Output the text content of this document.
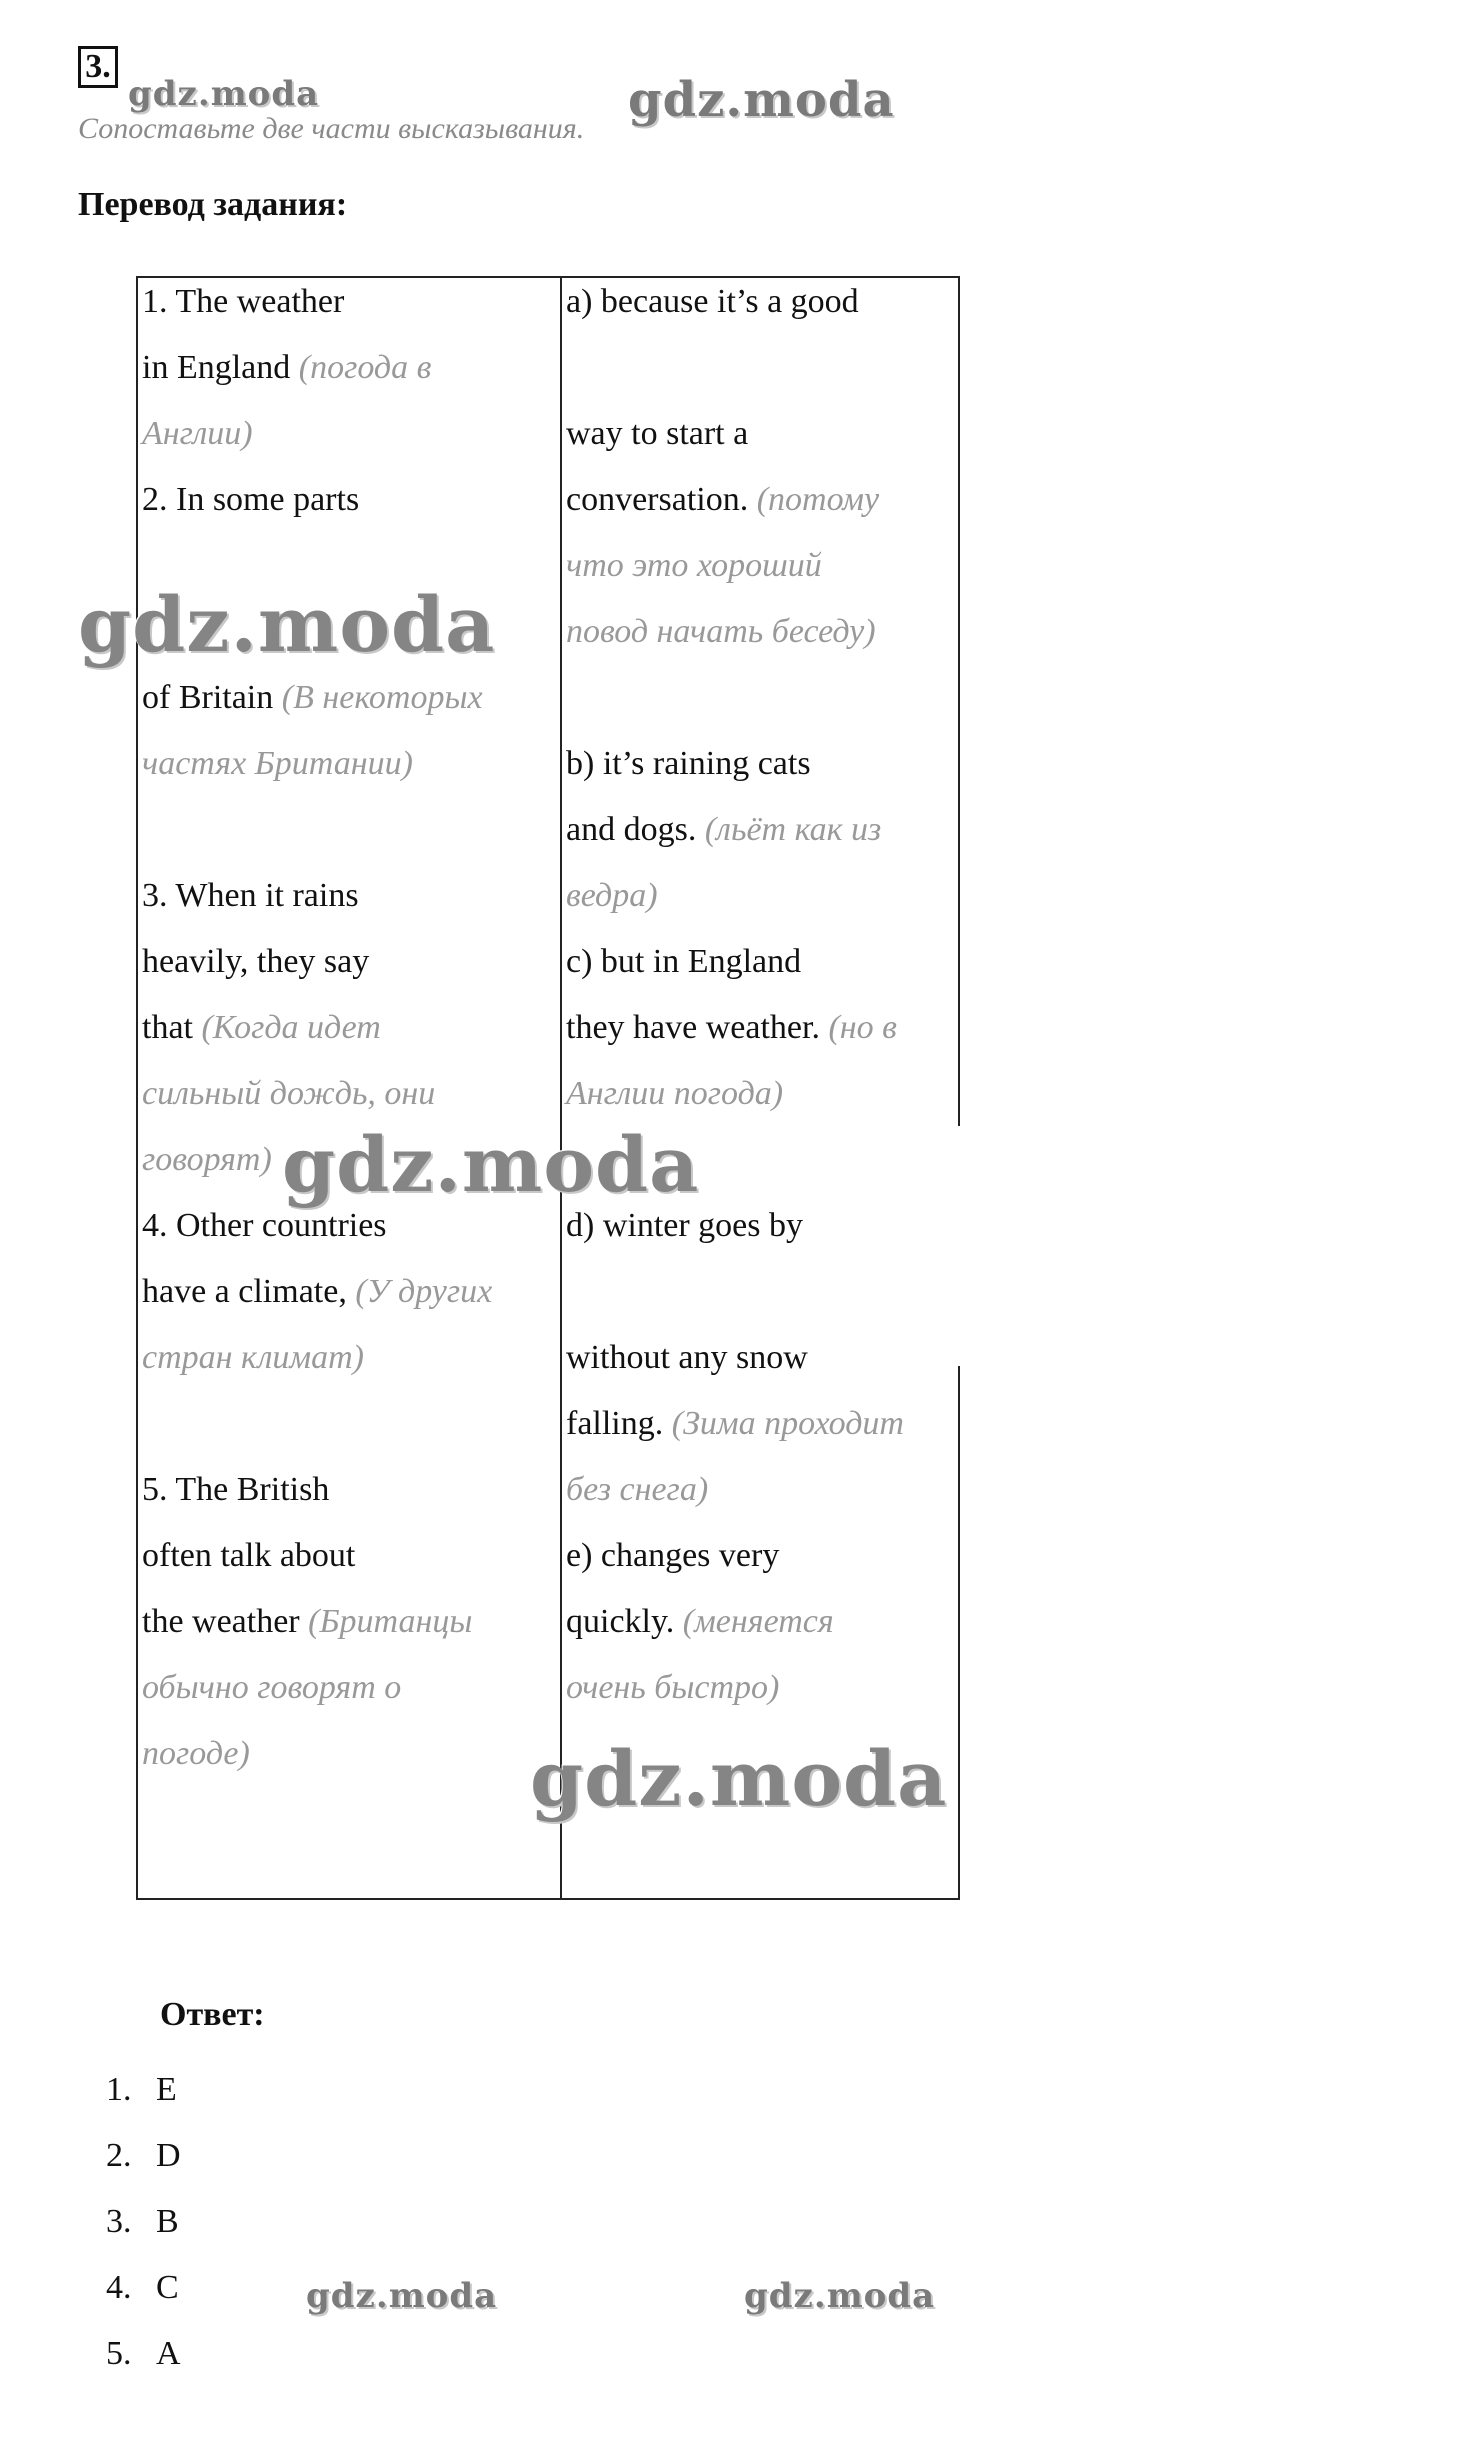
3.
Сопоставьте две части высказывания.
Перевод задания:
1. The weather
in England (погода в
Англии)
2. In some parts
of Britain (В некоторых
частях Британии)
3. When it rains
heavily, they say
that (Когда идет
сильный дождь, они
говорят)
4. Other countries
have a climate, (У других
стран климат)
5. The British
often talk about
the weather (Британцы
обычно говорят о
погоде)
a) because it’s a good
way to start a
conversation. (потому
что это хороший
повод начать беседу)
b) it’s raining cats
and dogs. (льёт как из
ведра)
c) but in England
they have weather. (но в
Англии погода)
d) winter goes by
without any snow
falling. (Зима проходит
без снега)
e) changes very
quickly. (меняется
очень быстро)
Ответ:
1. E
2. D
3. B
4. C
5. A
gdz.moda	gdz.moda
gdz.moda
gdz.moda
gdz.moda
gdz.moda	gdz.moda
